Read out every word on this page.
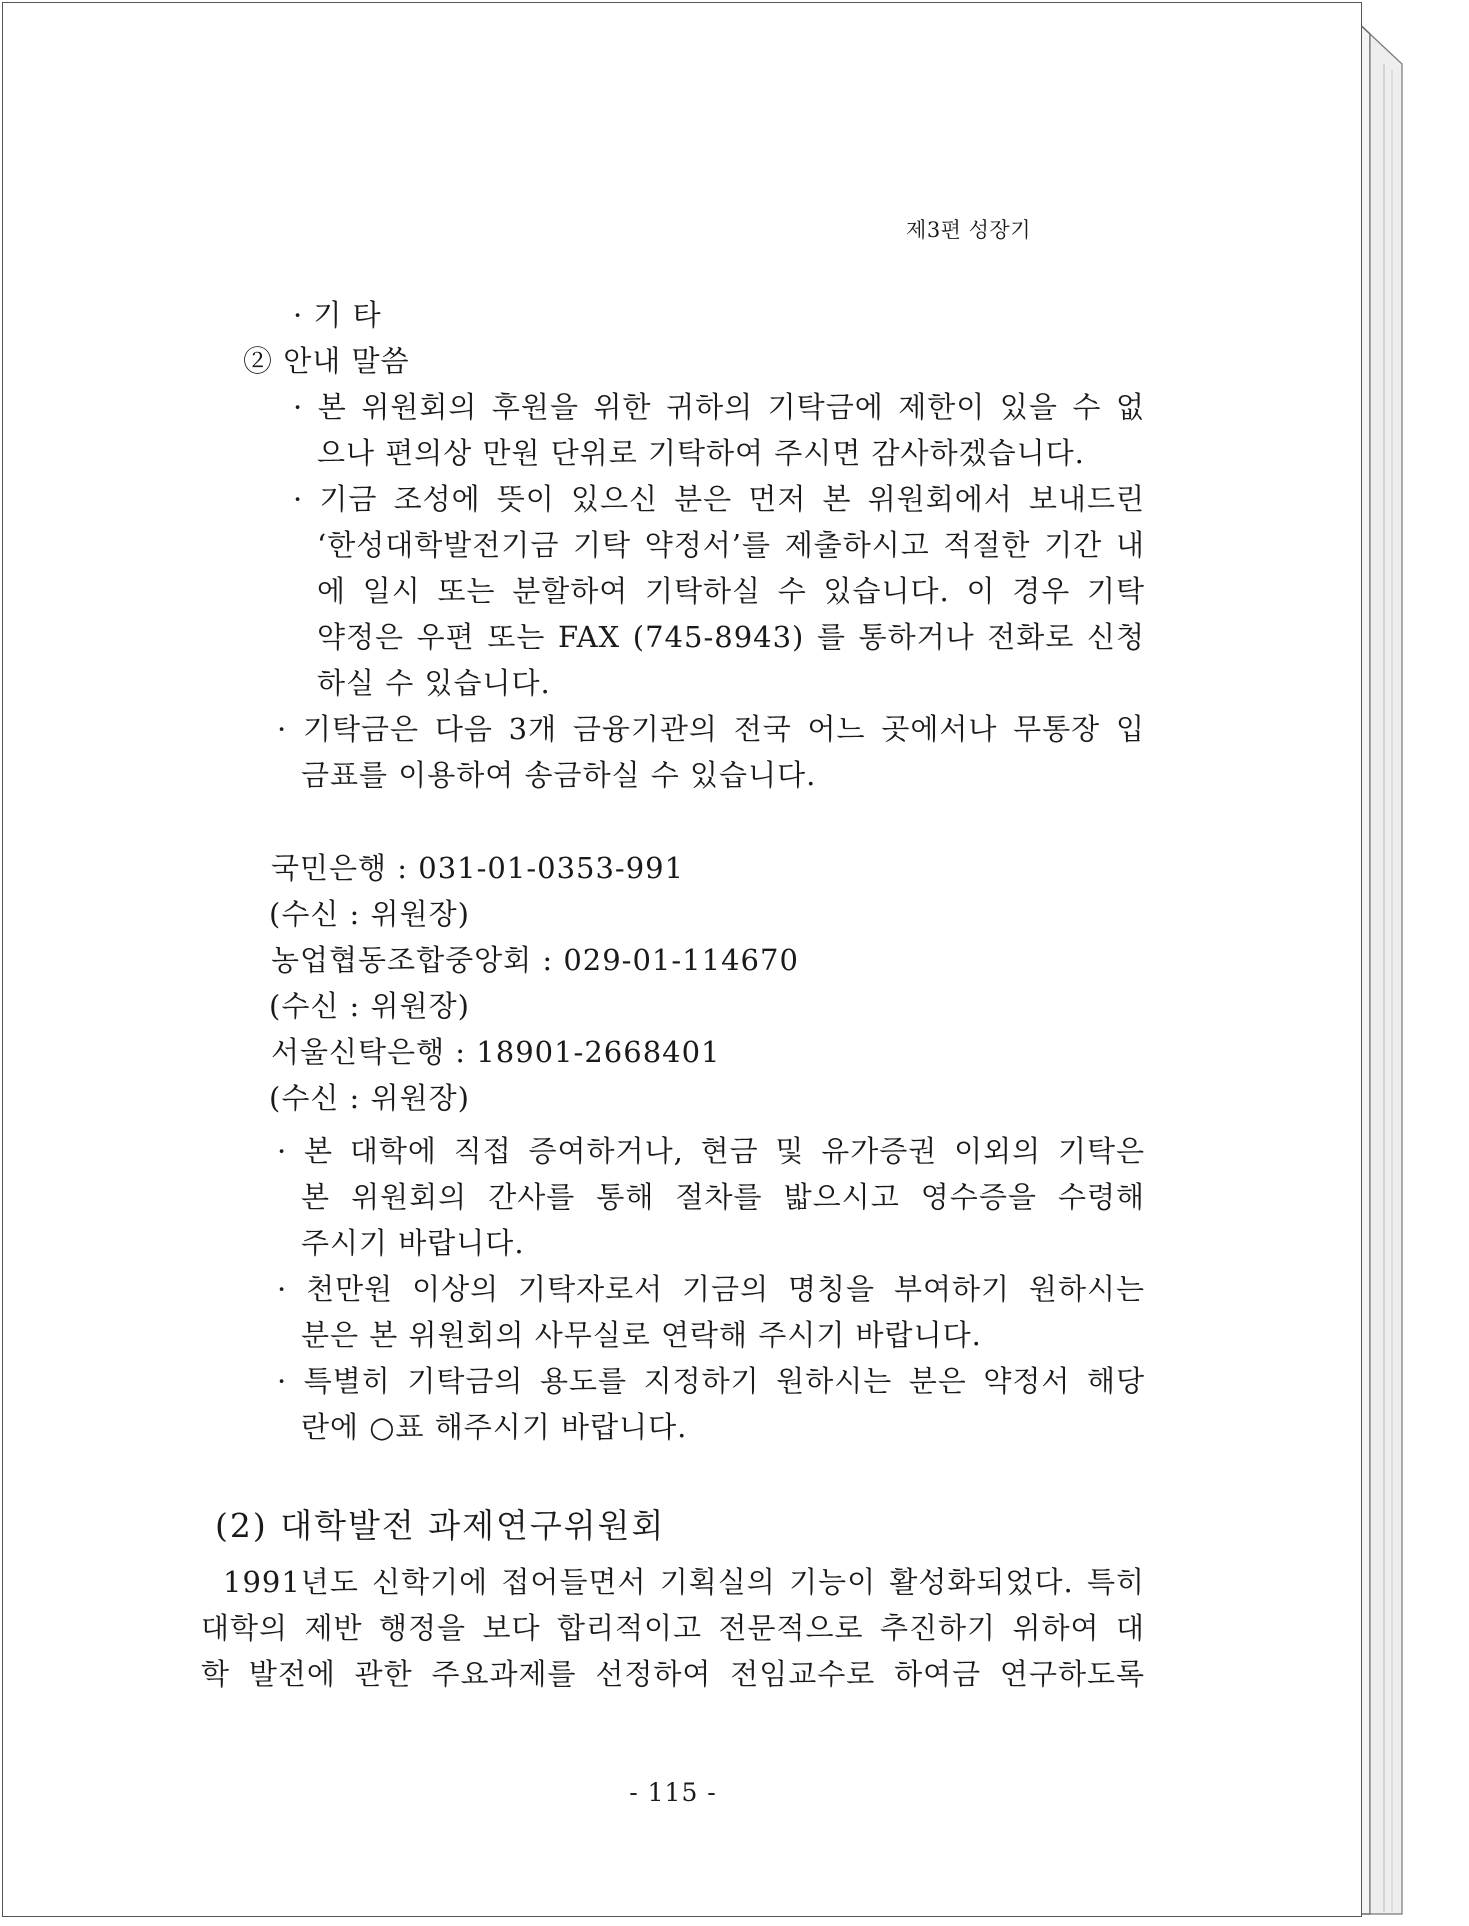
제3편 성장기
· 기 타
② 안내 말씀
· 본 위원회의 후원을 위한 귀하의 기탁금에 제한이 있을 수 없
으나 편의상 만원 단위로 기탁하여 주시면 감사하겠습니다.
· 기금 조성에 뜻이 있으신 분은 먼저 본 위원회에서 보내드린
‘한성대학발전기금 기탁 약정서’를 제출하시고 적절한 기간 내
에 일시 또는 분할하여 기탁하실 수 있습니다. 이 경우 기탁
약정은 우편 또는 FAX (745-8943) 를 통하거나 전화로 신청
하실 수 있습니다.
· 기탁금은 다음 3개 금융기관의 전국 어느 곳에서나 무통장 입
금표를 이용하여 송금하실 수 있습니다.
국민은행 : 031-01-0353-991
(수신 : 위원장)
농업협동조합중앙회 : 029-01-114670
(수신 : 위원장)
서울신탁은행 : 18901-2668401
(수신 : 위원장)
· 본 대학에 직접 증여하거나, 현금 및 유가증권 이외의 기탁은
본 위원회의 간사를 통해 절차를 밟으시고 영수증을 수령해
주시기 바랍니다.
· 천만원 이상의 기탁자로서 기금의 명칭을 부여하기 원하시는
분은 본 위원회의 사무실로 연락해 주시기 바랍니다.
· 특별히 기탁금의 용도를 지정하기 원하시는 분은 약정서 해당
란에 ○표 해주시기 바랍니다.
(2) 대학발전 과제연구위원회
1991년도 신학기에 접어들면서 기획실의 기능이 활성화되었다. 특히
대학의 제반 행정을 보다 합리적이고 전문적으로 추진하기 위하여 대
학 발전에 관한 주요과제를 선정하여 전임교수로 하여금 연구하도록
- 115 -
